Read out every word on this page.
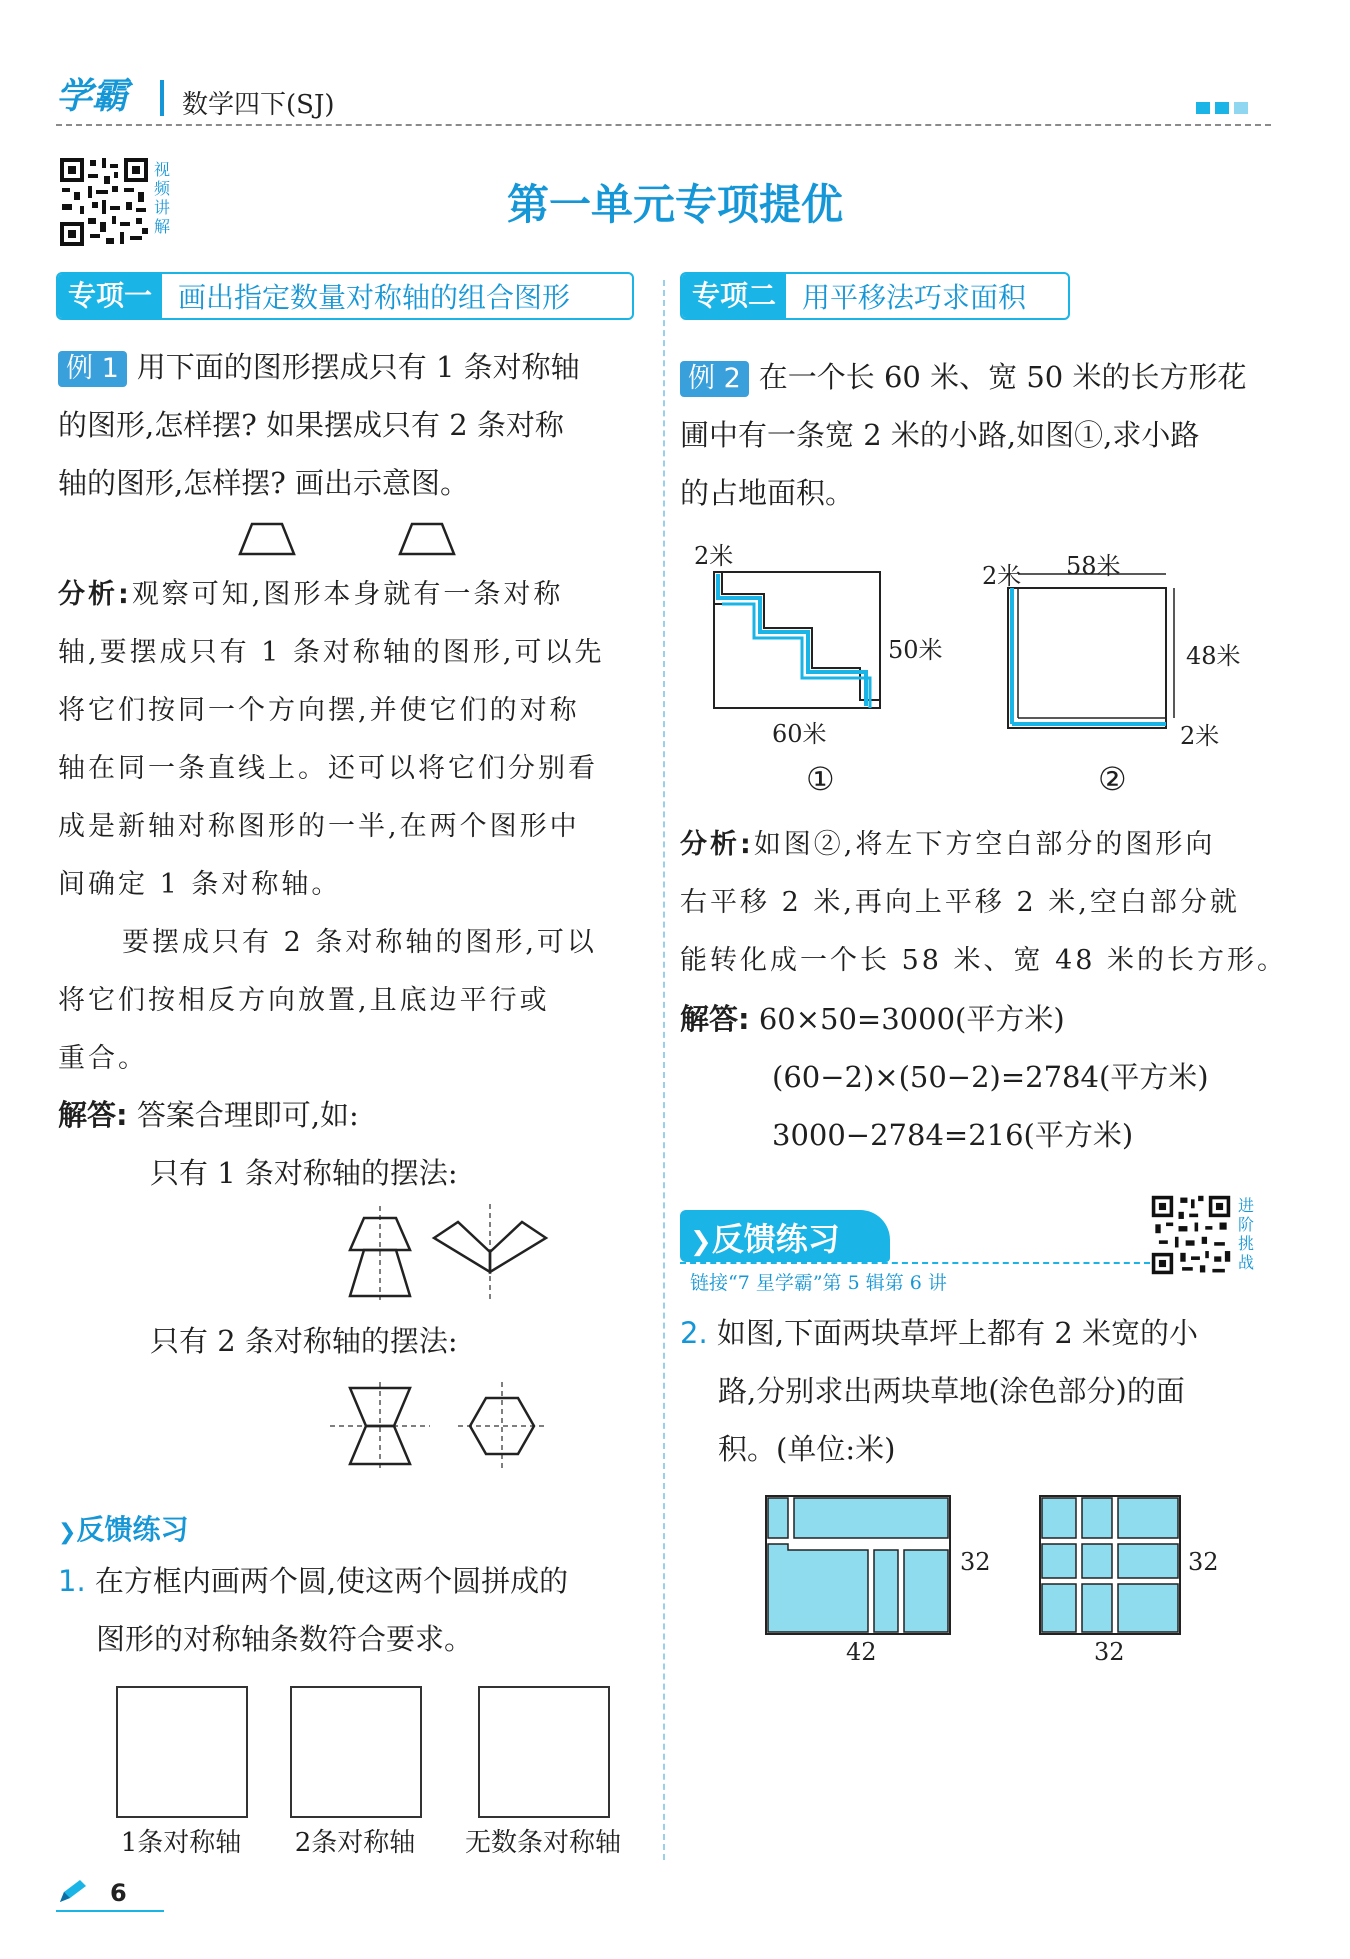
学霸 数学四下(SJ)
视
频
讲
解	第一单元专项提优
专项一 画出指定数量对称轴的组合图形
例 1 用下面的图形摆成只有 1 条对称轴
的图形,怎样摆? 如果摆成只有 2 条对称
轴的图形,怎样摆? 画出示意图。
分析:观察可知,图形本身就有一条对称
轴,要摆成只有 1 条对称轴的图形,可以先
将它们按同一个方向摆,并使它们的对称
轴在同一条直线上。还可以将它们分别看
成是新轴对称图形的一半,在两个图形中
间确定 1 条对称轴。
要摆成只有 2 条对称轴的图形,可以
将它们按相反方向放置,且底边平行或
重合。
解答: 答案合理即可,如:
只有 1 条对称轴的摆法:
只有 2 条对称轴的摆法:
❯反馈练习
1. 在方框内画两个圆,使这两个圆拼成的
图形的对称轴条数符合要求。
1条对称轴	2条对称轴	无数条对称轴
专项二 用平移法巧求面积
例 2 在一个长 60 米、宽 50 米的长方形花
圃中有一条宽 2 米的小路,如图①,求小路
的占地面积。
2米
50米
60米
①
2米 58米
48米
2米
②
分析:如图②,将左下方空白部分的图形向
右平移 2 米,再向上平移 2 米,空白部分就
能转化成一个长 58 米、宽 48 米的长方形。
解答: 60×50=3000(平方米)
(60−2)×(50−2)=2784(平方米)
3000−2784=216(平方米)
❯反馈练习
链接“7 星学霸”第 5 辑第 6 讲
进
阶
挑
战
2. 如图,下面两块草坪上都有 2 米宽的小
路,分别求出两块草地(涂色部分)的面
积。(单位:米)
32
42
32
32
6
